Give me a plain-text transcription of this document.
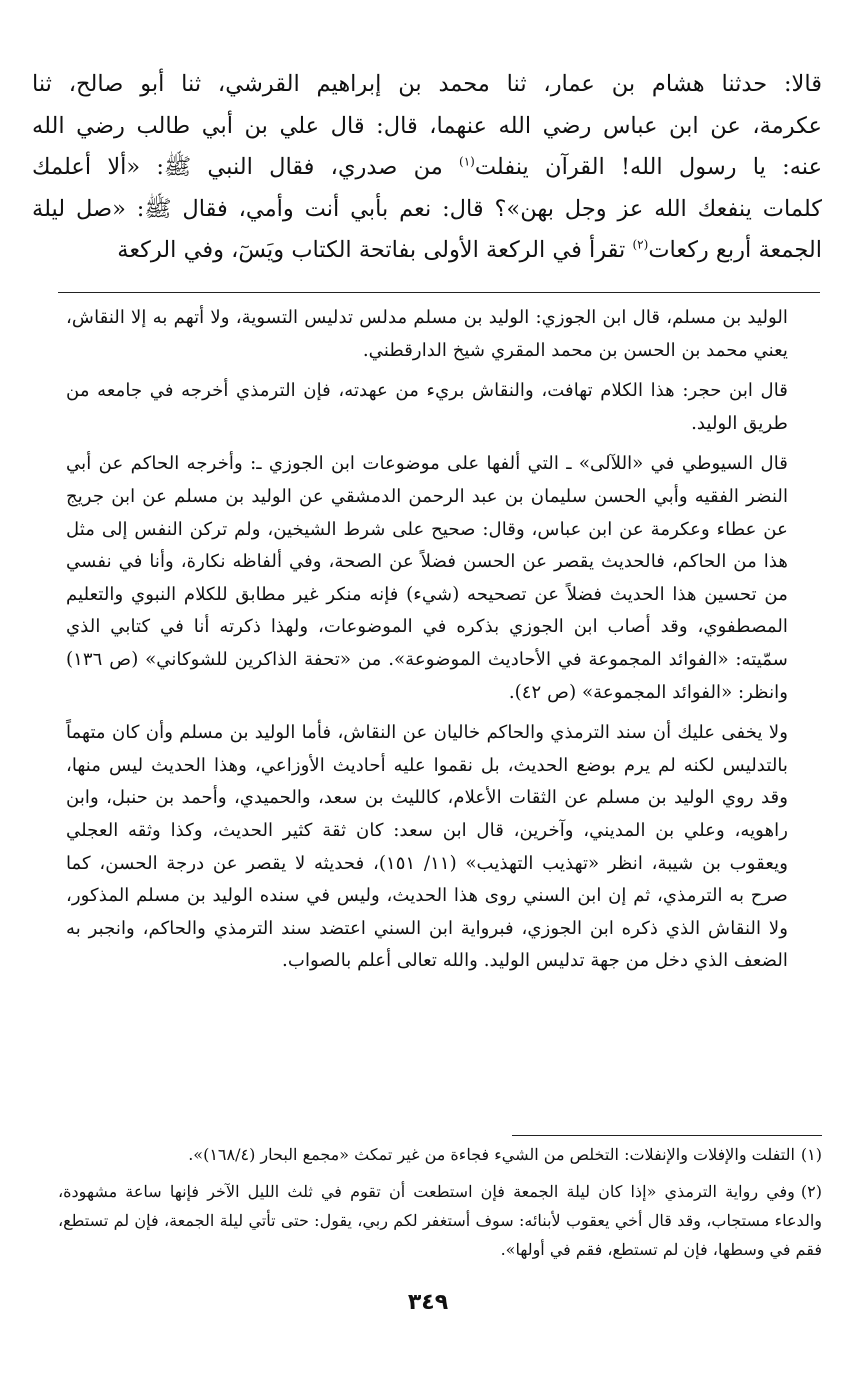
قالا: حدثنا هشام بن عمار، ثنا محمد بن إبراهيم القرشي، ثنا أبو صالح، ثنا
عكرمة، عن ابن عباس رضي الله عنهما، قال: قال علي بن أبي طالب رضي الله
عنه: يا رسول الله! القرآن ينفلت$^{(١)}$ من صدري، فقال النبي ﷺ: «ألا أعلمك
كلمات ينفعك الله عز وجل بهن»؟ قال: نعم بأبي أنت وأمي، فقال ﷺ: «صل ليلة
الجمعة أربع ركعات$^{(٢)}$ تقرأ في الركعة الأولى بفاتحة الكتاب ويَسٓ، وفي الركعة

الوليد بن مسلم، قال ابن الجوزي: الوليد بن مسلم مدلس تدليس التسوية، ولا أتهم به إلا النقاش، يعني محمد بن الحسن بن محمد المقري شيخ الدارقطني.

قال ابن حجر: هذا الكلام تهافت، والنقاش بريء من عهدته، فإن الترمذي أخرجه في جامعه من طريق الوليد.

قال السيوطي في «اللآلى» ـ التي ألفها على موضوعات ابن الجوزي ـ: وأخرجه الحاكم عن أبي النضر الفقيه وأبي الحسن سليمان بن عبد الرحمن الدمشقي عن الوليد بن مسلم عن ابن جريج عن عطاء وعكرمة عن ابن عباس، وقال: صحيح على شرط الشيخين، ولم تركن النفس إلى مثل هذا من الحاكم، فالحديث يقصر عن الحسن فضلاً عن الصحة، وفي ألفاظه نكارة، وأنا في نفسي من تحسين هذا الحديث فضلاً عن تصحيحه (شيء) فإنه منكر غير مطابق للكلام النبوي والتعليم المصطفوي، وقد أصاب ابن الجوزي بذكره في الموضوعات، ولهذا ذكرته أنا في كتابي الذي سمّيته: «الفوائد المجموعة في الأحاديث الموضوعة». من «تحفة الذاكرين للشوكاني» (ص ١٣٦) وانظر: «الفوائد المجموعة» (ص ٤٢).

ولا يخفى عليك أن سند الترمذي والحاكم خاليان عن النقاش، فأما الوليد بن مسلم وأن كان متهماً بالتدليس لكنه لم يرم بوضع الحديث، بل نقموا عليه أحاديث الأوزاعي، وهذا الحديث ليس منها، وقد روي الوليد بن مسلم عن الثقات الأعلام، كالليث بن سعد، والحميدي، وأحمد بن حنبل، وابن راهويه، وعلي بن المديني، وآخرين، قال ابن سعد: كان ثقة كثير الحديث، وكذا وثقه العجلي ويعقوب بن شيبة، انظر «تهذيب التهذيب» (١١/ ١٥١)، فحديثه لا يقصر عن درجة الحسن، كما صرح به الترمذي، ثم إن ابن السني روى هذا الحديث، وليس في سنده الوليد بن مسلم المذكور، ولا النقاش الذي ذكره ابن الجوزي، فبرواية ابن السني اعتضد سند الترمذي والحاكم، وانجبر به الضعف الذي دخل من جهة تدليس الوليد. والله تعالى أعلم بالصواب.

(١)التفلت والإفلات والإنفلات: التخلص من الشيء فجاءة من غير تمكث «مجمع البحار (١٦٨/٤)».

(٢)وفي رواية الترمذي «إذا كان ليلة الجمعة فإن استطعت أن تقوم في ثلث الليل الآخر فإنها ساعة مشهودة، والدعاء مستجاب، وقد قال أخي يعقوب لأبنائه: سوف أستغفر لكم ربي، يقول: حتى تأتي ليلة الجمعة، فإن لم تستطع، فقم في وسطها، فإن لم تستطع، فقم في أولها».

٣٤٩
